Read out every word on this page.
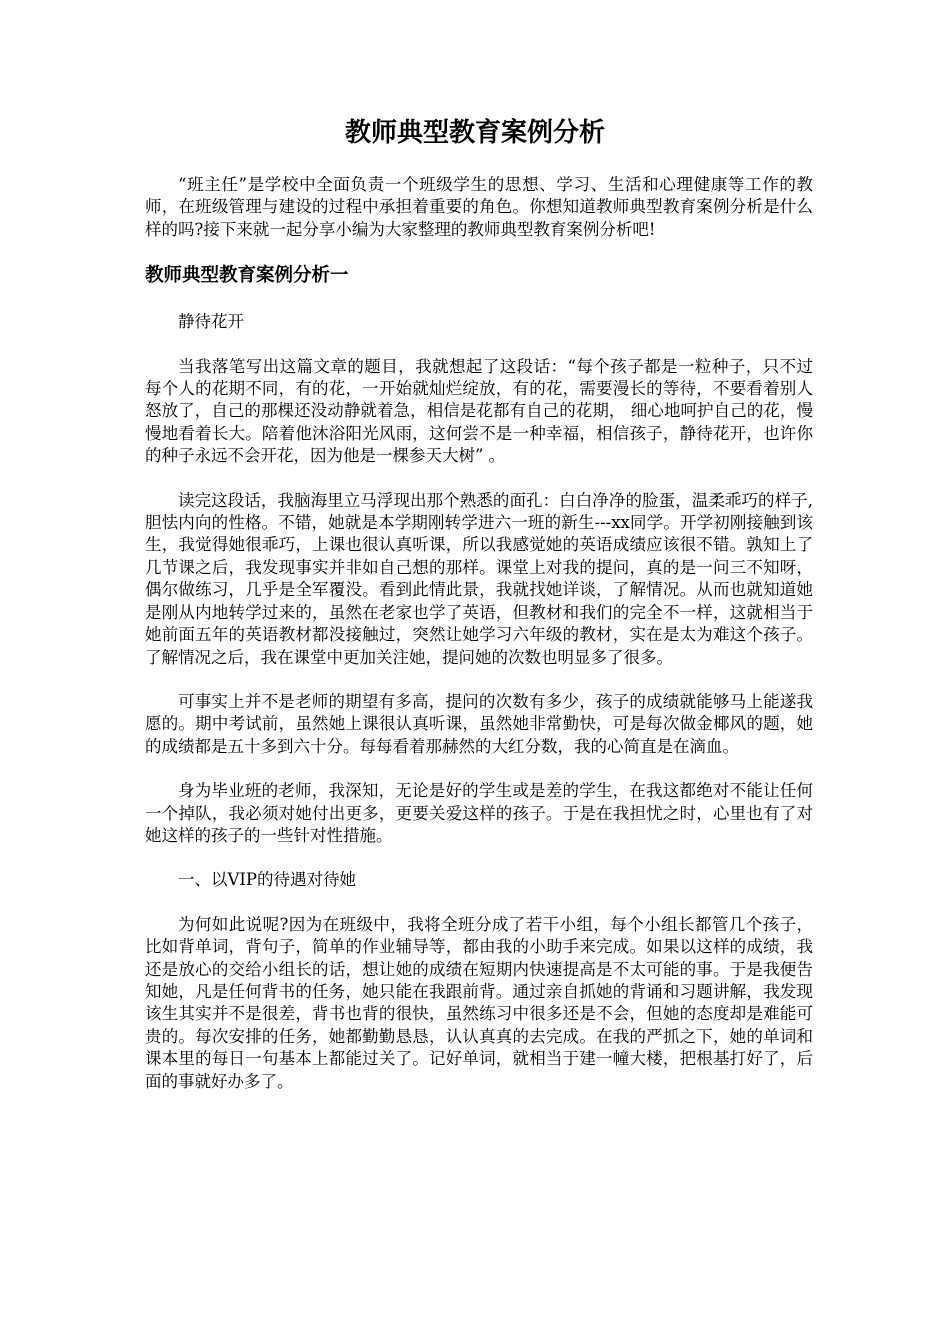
教师典型教育案例分析

“班主任”是学校中全面负责一个班级学生的思想、学习、生活和心理健康等工作的教师，在班级管理与建设的过程中承担着重要的角色。你想知道教师典型教育案例分析是什么样的吗?接下来就一起分享小编为大家整理的教师典型教育案例分析吧!

教师典型教育案例分析一

静待花开

当我落笔写出这篇文章的题目，我就想起了这段话：“每个孩子都是一粒种子，只不过每个人的花期不同，有的花，一开始就灿烂绽放，有的花，需要漫长的等待，不要看着别人怒放了，自己的那棵还没动静就着急，相信是花都有自己的花期， 细心地呵护自己的花，慢慢地看着长大。陪着他沐浴阳光风雨，这何尝不是一种幸福，相信孩子，静待花开，也许你的种子永远不会开花，因为他是一棵参天大树” 。

读完这段话，我脑海里立马浮现出那个熟悉的面孔：白白净净的脸蛋，温柔乖巧的样子,胆怯内向的性格。不错，她就是本学期刚转学进六一班的新生---xx同学。开学初刚接触到该生，我觉得她很乖巧，上课也很认真听课，所以我感觉她的英语成绩应该很不错。孰知上了几节课之后，我发现事实并非如自己想的那样。课堂上对我的提问，真的是一问三不知呀，偶尔做练习，几乎是全军覆没。看到此情此景，我就找她详谈，了解情况。从而也就知道她是刚从内地转学过来的，虽然在老家也学了英语，但教材和我们的完全不一样，这就相当于她前面五年的英语教材都没接触过，突然让她学习六年级的教材，实在是太为难这个孩子。了解情况之后，我在课堂中更加关注她，提问她的次数也明显多了很多。

可事实上并不是老师的期望有多高，提问的次数有多少，孩子的成绩就能够马上能遂我愿的。期中考试前，虽然她上课很认真听课，虽然她非常勤快，可是每次做金椰风的题，她的成绩都是五十多到六十分。每每看着那赫然的大红分数，我的心简直是在滴血。

身为毕业班的老师，我深知，无论是好的学生或是差的学生，在我这都绝对不能让任何一个掉队，我必须对她付出更多，更要关爱这样的孩子。于是在我担忧之时，心里也有了对她这样的孩子的一些针对性措施。

一、以VIP的待遇对待她

为何如此说呢?因为在班级中，我将全班分成了若干小组，每个小组长都管几个孩子，比如背单词，背句子，简单的作业辅导等，都由我的小助手来完成。如果以这样的成绩，我还是放心的交给小组长的话，想让她的成绩在短期内快速提高是不太可能的事。于是我便告知她，凡是任何背书的任务，她只能在我跟前背。通过亲自抓她的背诵和习题讲解，我发现该生其实并不是很差，背书也背的很快，虽然练习中很多还是不会，但她的态度却是难能可贵的。每次安排的任务，她都勤勤恳恳，认认真真的去完成。在我的严抓之下，她的单词和课本里的每日一句基本上都能过关了。记好单词，就相当于建一幢大楼，把根基打好了，后面的事就好办多了。
